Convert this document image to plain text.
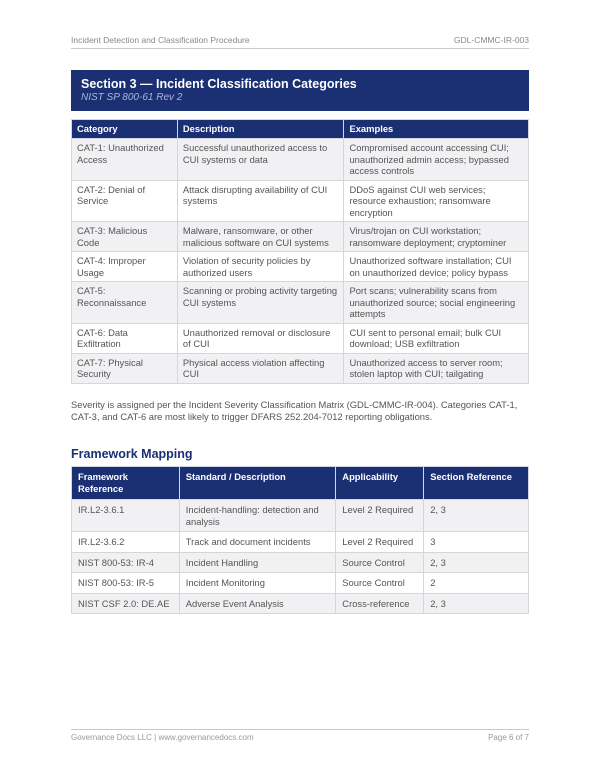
Incident Detection and Classification Procedure	GDL-CMMC-IR-003
Section 3 — Incident Classification Categories
NIST SP 800-61 Rev 2
Category	Description	Examples
CAT-1: Unauthorized Access	Successful unauthorized access to CUI systems or data	Compromised account accessing CUI; unauthorized admin access; bypassed access controls
CAT-2: Denial of Service	Attack disrupting availability of CUI systems	DDoS against CUI web services; resource exhaustion; ransomware encryption
CAT-3: Malicious Code	Malware, ransomware, or other malicious software on CUI systems	Virus/trojan on CUI workstation; ransomware deployment; cryptominer
CAT-4: Improper Usage	Violation of security policies by authorized users	Unauthorized software installation; CUI on unauthorized device; policy bypass
CAT-5: Reconnaissance	Scanning or probing activity targeting CUI systems	Port scans; vulnerability scans from unauthorized source; social engineering attempts
CAT-6: Data Exfiltration	Unauthorized removal or disclosure of CUI	CUI sent to personal email; bulk CUI download; USB exfiltration
CAT-7: Physical Security	Physical access violation affecting CUI	Unauthorized access to server room; stolen laptop with CUI; tailgating

Severity is assigned per the Incident Severity Classification Matrix (GDL-CMMC-IR-004). Categories CAT-1, CAT-3, and CAT-6 are most likely to trigger DFARS 252.204-7012 reporting obligations.

Framework Mapping
Framework Reference	Standard / Description	Applicability	Section Reference
IR.L2-3.6.1	Incident-handling: detection and analysis	Level 2 Required	2, 3
IR.L2-3.6.2	Track and document incidents	Level 2 Required	3
NIST 800-53: IR-4	Incident Handling	Source Control	2, 3
NIST 800-53: IR-5	Incident Monitoring	Source Control	2
NIST CSF 2.0: DE.AE	Adverse Event Analysis	Cross-reference	2, 3
Governance Docs LLC | www.governancedocs.com	Page 6 of 7
